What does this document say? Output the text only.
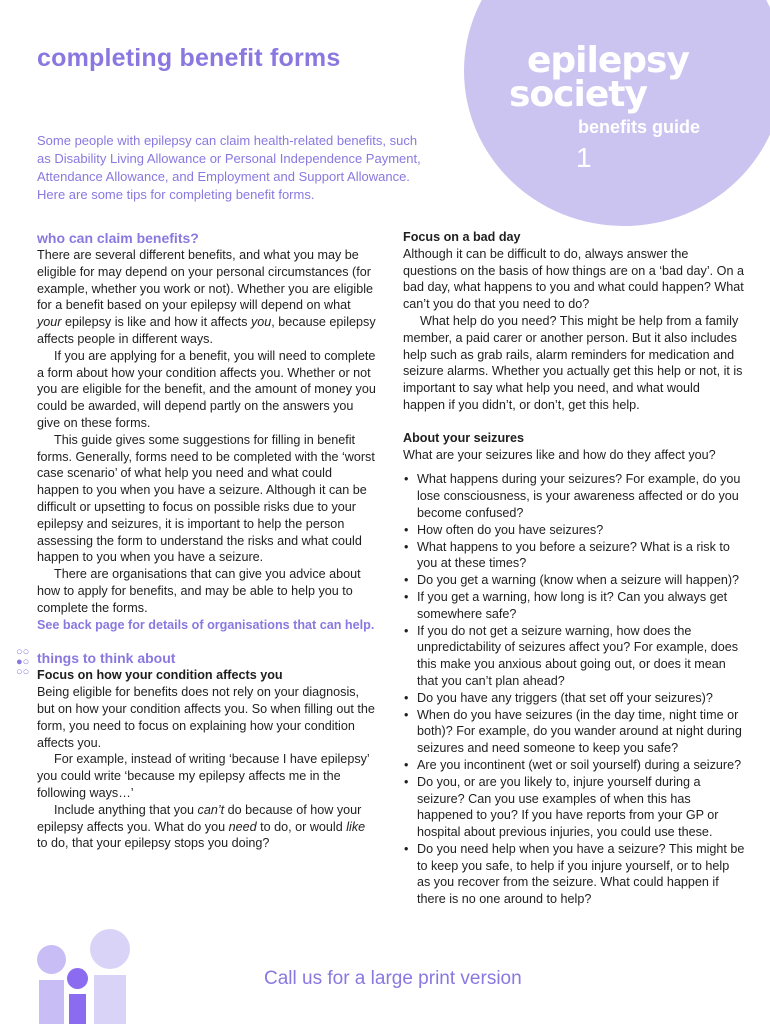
epilepsy
society
benefits guide
1
completing benefit forms

Some people with epilepsy can claim health-related benefits, such as Disability Living Allowance or Personal Independence Payment, Attendance Allowance, and Employment and Support Allowance. Here are some tips for completing benefit forms.

who can claim benefits?

There are several different benefits, and what you may be eligible for may depend on your personal circumstances (for example, whether you work or not). Whether you are eligible for a benefit based on your epilepsy will depend on what your epilepsy is like and how it affects you, because epilepsy affects people in different ways.

If you are applying for a benefit, you will need to complete a form about how your condition affects you. Whether or not you are eligible for the benefit, and the amount of money you could be awarded, will depend partly on the answers you give on these forms.

This guide gives some suggestions for filling in benefit forms. Generally, forms need to be completed with the ‘worst case scenario’ of what help you need and what could happen to you when you have a seizure. Although it can be difficult or upsetting to focus on possible risks due to your epilepsy and seizures, it is important to help the person assessing the form to understand the risks and what could happen to you when you have a seizure.

There are organisations that can give you advice about how to apply for benefits, and may be able to help you to complete the forms.

See back page for details of organisations that can help.

things to think about

Focus on how your condition affects you

Being eligible for benefits does not rely on your diagnosis, but on how your condition affects you. So when filling out the form, you need to focus on explaining how your condition affects you.

For example, instead of writing ‘because I have epilepsy’ you could write ‘because my epilepsy affects me in the following ways…’

Include anything that you can’t do because of how your epilepsy affects you. What do you need to do, or would like to do, that your epilepsy stops you doing?

○○
●○
○○

Focus on a bad day

Although it can be difficult to do, always answer the questions on the basis of how things are on a ‘bad day’. On a bad day, what happens to you and what could happen? What can’t you do that you need to do?

What help do you need? This might be help from a family member, a paid carer or another person. But it also includes help such as grab rails, alarm reminders for medication and seizure alarms. Whether you actually get this help or not, it is important to say what help you need, and what would happen if you didn’t, or don’t, get this help.

About your seizures

What are your seizures like and how do they affect you?

• What happens during your seizures? For example, do you lose consciousness, is your awareness affected or do you become confused?
• How often do you have seizures?
• What happens to you before a seizure? What is a risk to you at these times?
• Do you get a warning (know when a seizure will happen)?
• If you get a warning, how long is it? Can you always get somewhere safe?
• If you do not get a seizure warning, how does the unpredictability of seizures affect you? For example, does this make you anxious about going out, or does it mean that you can’t plan ahead?
• Do you have any triggers (that set off your seizures)?
• When do you have seizures (in the day time, night time or both)? For example, do you wander around at night during seizures and need someone to keep you safe?
• Are you incontinent (wet or soil yourself) during a seizure?
• Do you, or are you likely to, injure yourself during a seizure? Can you use examples of when this has happened to you? If you have reports from your GP or hospital about previous injuries, you could use these.
• Do you need help when you have a seizure? This might be to keep you safe, to help if you injure yourself, or to help as you recover from the seizure. What could happen if there is no one around to help?
Call us for a large print version
